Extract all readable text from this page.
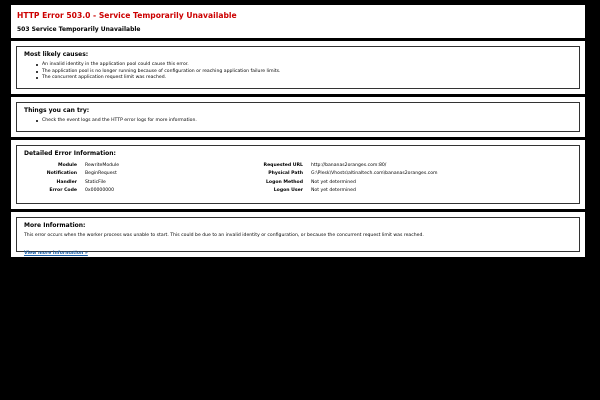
HTTP Error 503.0 - Service Temporarily Unavailable
503 Service Temporarily Unavailable
Most likely causes:
An invalid identity in the application pool could cause this error.
The application pool is no longer running because of configuration or reaching application failure limits.
The concurrent application request limit was reached.
Things you can try:
Check the event logs and the HTTP error logs for more information.
Detailed Error Information:
Module	RewriteModule
Notification	BeginRequest
Handler	StaticFile
Error Code	0x00000000
Requested URL	http://bananas2oranges.com:80/
Physical Path	G:\Plesk\Vhosts\altinaltech.com\bananas2oranges.com
Logon Method	Not yet determined
Logon User	Not yet determined
More Information:
This error occurs when the worker process was unable to start. This could be due to an invalid identity or configuration, or because the concurrent request limit was reached.
View more information »
